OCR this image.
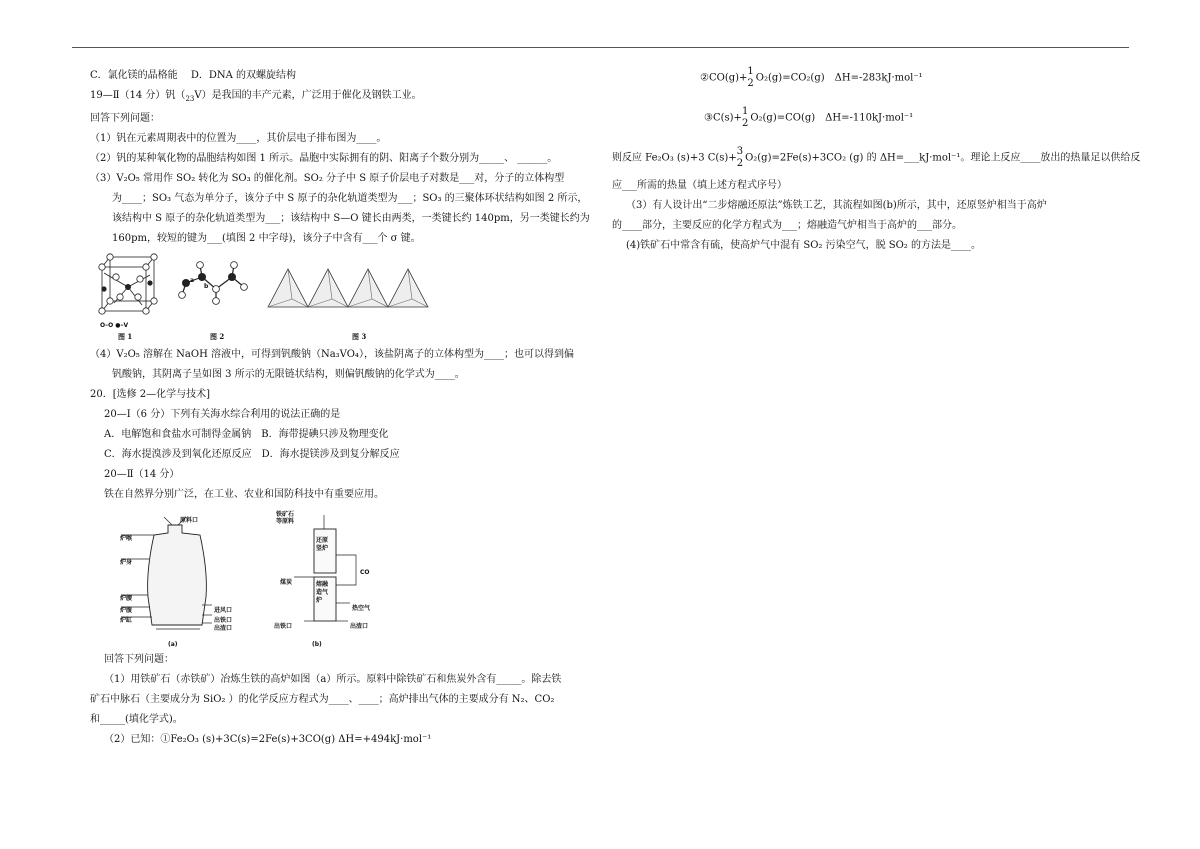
C．氯化镁的晶格能　 D．DNA 的双螺旋结构
19—Ⅱ（14 分）钒$(_{23}V)$是我国的丰产元素，广泛用于催化及钢铁工业。
回答下列问题：
（1）钒在元素周期表中的位置为____，其价层电子排布图为____。
（2）钒的某种氧化物的晶胞结构如图 1 所示。晶胞中实际拥有的阴、阳离子个数分别为_____、 ______。
（3）V₂O₅ 常用作 SO₂ 转化为 SO₃ 的催化剂。SO₂ 分子中 S 原子价层电子对数是___对，分子的立体构型
为____；SO₃ 气态为单分子，该分子中 S 原子的杂化轨道类型为___；SO₃ 的三聚体环状结构如图 2 所示，
该结构中 S 原子的杂化轨道类型为___；该结构中 S—O 键长由两类，一类键长约 140pm，另一类键长约为
160pm，较短的键为___(填图 2 中字母)，该分子中含有___个 σ 键。
O–O ●–V
图 1
a
b
图 2	图 3
（4）V₂O₅ 溶解在 NaOH 溶液中，可得到钒酸钠（Na₃VO₄），该盐阴离子的立体构型为____；也可以得到偏
钒酸钠，其阴离子呈如图 3 所示的无限链状结构，则偏钒酸钠的化学式为____。
20．[选修 2—化学与技术]
20—Ⅰ（6 分）下列有关海水综合利用的说法正确的是
A．电解饱和食盐水可制得金属钠　B．海带提碘只涉及物理变化
C．海水提溴涉及到氧化还原反应　D．海水提镁涉及到复分解反应
20—Ⅱ（14 分）
铁在自然界分别广泛，在工业、农业和国防科技中有重要应用。
原料口
炉喉
炉身
炉腰
炉腹
炉缸
进风口
出铁口
出渣口
(a)
铁矿石
等原料
还原竖炉
熔融造气炉
CO
煤炭
热空气
出铁口	出渣口
(b)
回答下列问题：
（1）用铁矿石（赤铁矿）冶炼生铁的高炉如图（a）所示。原料中除铁矿石和焦炭外含有_____。除去铁
矿石中脉石（主要成分为 SiO₂ ）的化学反应方程式为____、____；高炉排出气体的主要成分有 N₂、CO₂
和_____(填化学式)。
（2）已知：①Fe₂O₃ (s)+3C(s)=2Fe(s)+3CO(g) ΔH=+494kJ·mol⁻¹
②CO(g)+
1
2 O₂(g)=CO₂(g)　ΔH=-283kJ·mol⁻¹
③C(s)+
1
2 O₂(g)=CO(g)　ΔH=-110kJ·mol⁻¹
则反应 Fe₂O₃ (s)+3 C(s)+
3
2 O₂(g)=2Fe(s)+3CO₂ (g) 的 ΔH=___kJ·mol⁻¹。理论上反应____放出的热量足以供给反
应___所需的热量（填上述方程式序号）
（3）有人设计出“二步熔融还原法”炼铁工艺，其流程如图(b)所示，其中，还原竖炉相当于高炉
的____部分，主要反应的化学方程式为___；熔融造气炉相当于高炉的___部分。
(4)铁矿石中常含有硫，使高炉气中混有 SO₂ 污染空气，脱 SO₂ 的方法是____。
